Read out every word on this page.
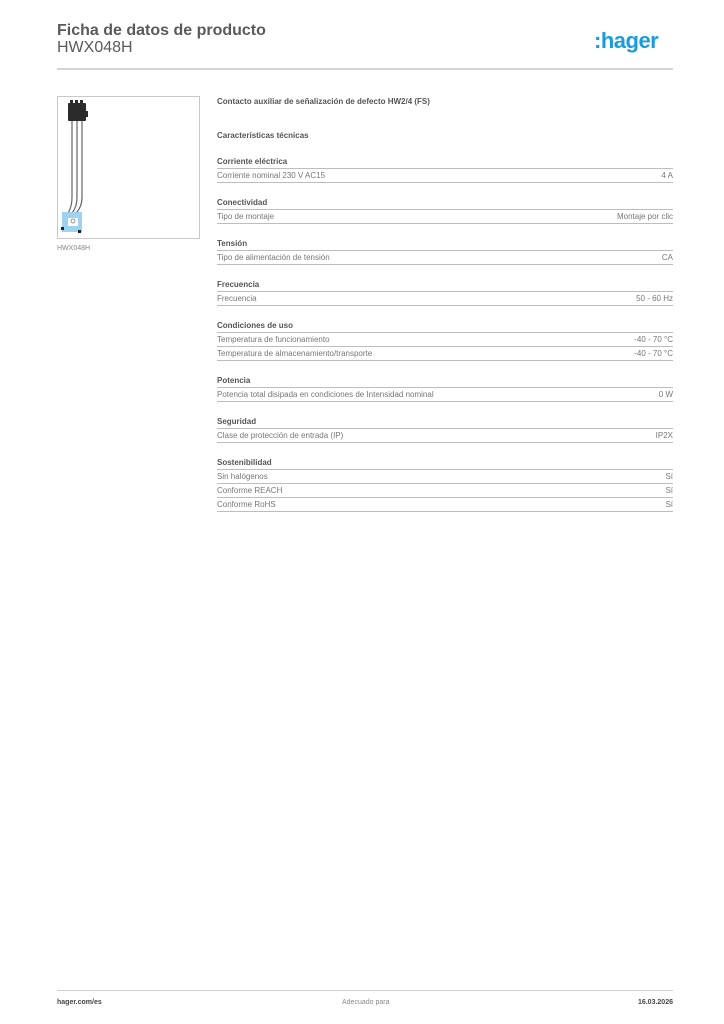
Ficha de datos de producto
HWX048H	:hager
HWX048H
Contacto auxiliar de señalización de defecto HW2/4 (FS)
Características técnicas
Corriente eléctrica
Corriente nominal 230 V AC15	4 A
Conectividad
Tipo de montaje	Montaje por clic
Tensión
Tipo de alimentación de tensión	CA
Frecuencia
Frecuencia	50 - 60 Hz
Condiciones de uso
Temperatura de funcionamiento	-40 - 70 °C
Temperatura de almacenamiento/transporte	-40 - 70 °C
Potencia
Potencia total disipada en condiciones de Intensidad nominal	0 W
Seguridad
Clase de protección de entrada (IP)	IP2X
Sostenibilidad
Sin halógenos	Sí
Conforme REACH	Sí
Conforme RoHS	Sí
hager.com/es	Adecuado para	16.03.2026
